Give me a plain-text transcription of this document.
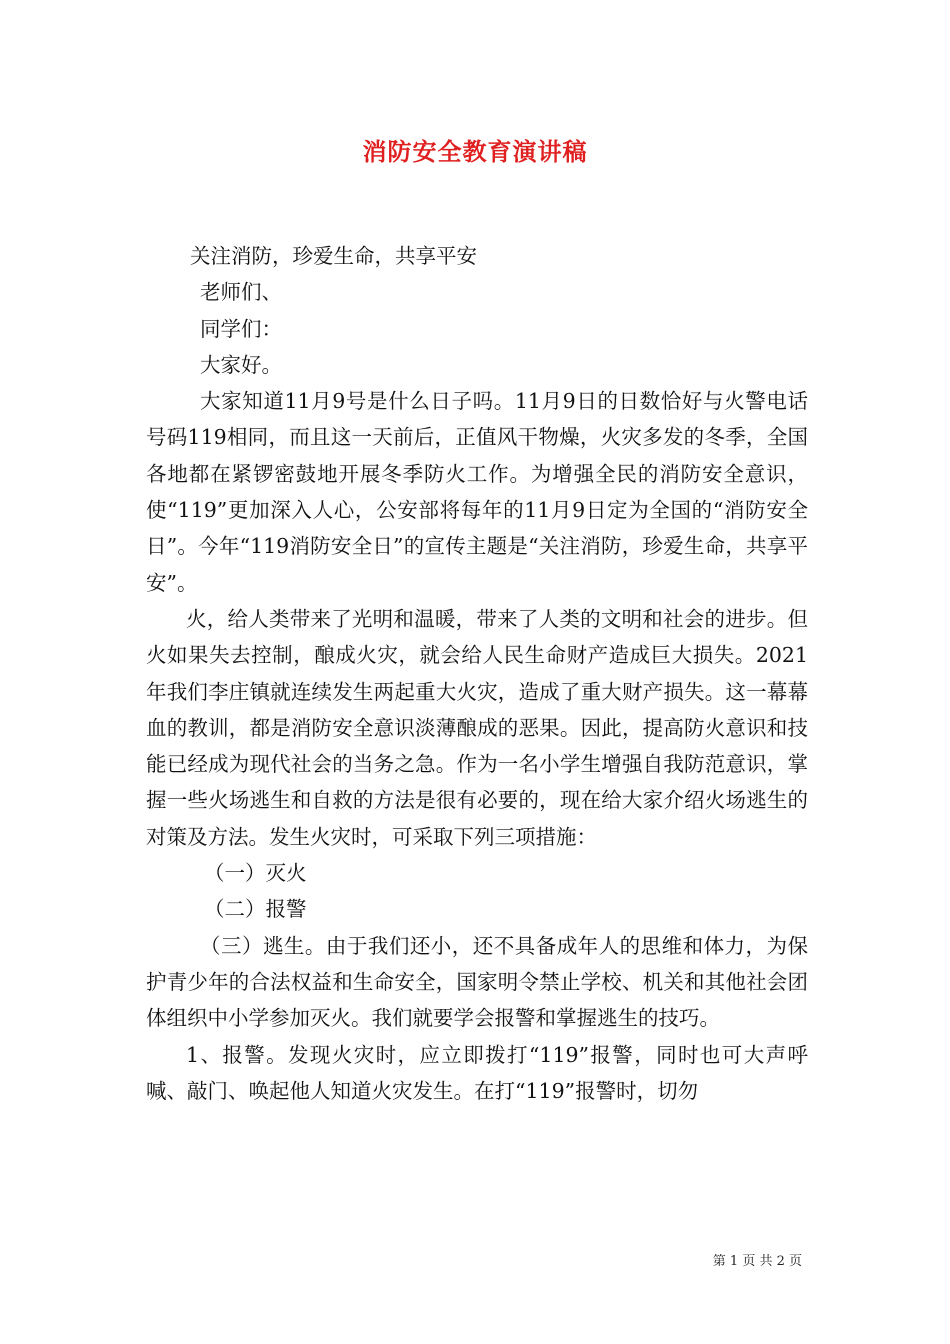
消防安全教育演讲稿

关注消防，珍爱生命，共享平安

老师们、

同学们：

大家好。

大家知道11月9号是什么日子吗。11月9日的日数恰好与火警电话号码119相同，而且这一天前后，正值风干物燥，火灾多发的冬季，全国各地都在紧锣密鼓地开展冬季防火工作。为增强全民的消防安全意识，使“119”更加深入人心，公安部将每年的11月9日定为全国的“消防安全日”。今年“119消防安全日”的宣传主题是“关注消防，珍爱生命，共享平安”。

火，给人类带来了光明和温暖，带来了人类的文明和社会的进步。但火如果失去控制，酿成火灾，就会给人民生命财产造成巨大损失。2021年我们李庄镇就连续发生两起重大火灾，造成了重大财产损失。这一幕幕血的教训，都是消防安全意识淡薄酿成的恶果。因此，提高防火意识和技能已经成为现代社会的当务之急。作为一名小学生增强自我防范意识，掌握一些火场逃生和自救的方法是很有必要的，现在给大家介绍火场逃生的对策及方法。发生火灾时，可采取下列三项措施：

（一）灭火

（二）报警

（三）逃生。由于我们还小，还不具备成年人的思维和体力，为保护青少年的合法权益和生命安全，国家明令禁止学校、机关和其他社会团体组织中小学参加灭火。我们就要学会报警和掌握逃生的技巧。

1、报警。发现火灾时，应立即拨打“119”报警，同时也可大声呼喊、敲门、唤起他人知道火灾发生。在打“119”报警时，切勿

第 1 页 共 2 页
